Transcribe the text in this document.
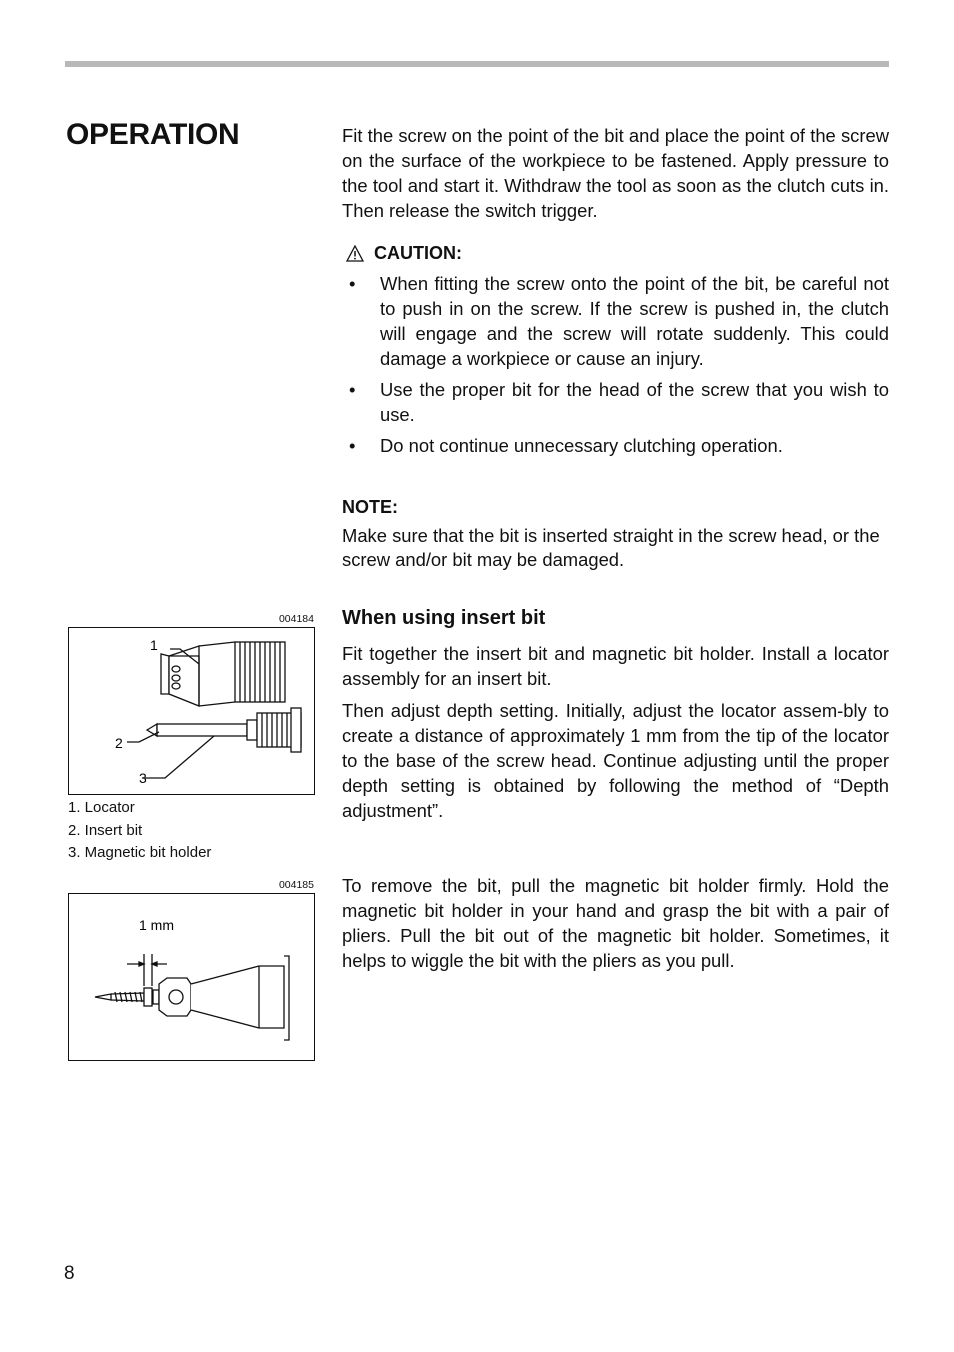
OPERATION	Fit the screw on the point of the bit and place the point of the screw on the surface of the workpiece to be fastened. Apply pressure to the tool and start it. Withdraw the tool as soon as the clutch cuts in. Then release the switch trigger.

CAUTION:
• When fitting the screw onto the point of the bit, be careful not to push in on the screw. If the screw is pushed in, the clutch will engage and the screw will rotate suddenly. This could damage a workpiece or cause an injury.
• Use the proper bit for the head of the screw that you wish to use.
• Do not continue unnecessary clutching operation.
NOTE:

Make sure that the bit is inserted straight in the screw head, or the screw and/or bit may be damaged.

When using insert bit

Fit together the insert bit and magnetic bit holder. Install a locator assembly for an insert bit.

Then adjust depth setting. Initially, adjust the locator assem-bly to create a distance of approximately 1 mm from the tip of the locator to the base of the screw head. Continue adjusting until the proper depth setting is obtained by following the method of “Depth adjustment”.

To remove the bit, pull the magnetic bit holder firmly. Hold the magnetic bit holder in your hand and grasp the bit with a pair of pliers. Pull the bit out of the magnetic bit holder. Sometimes, it helps to wiggle the bit with the pliers as you pull.

004184
1
2
3
1. Locator
2. Insert bit
3. Magnetic bit holder
004185
1 mm
8
